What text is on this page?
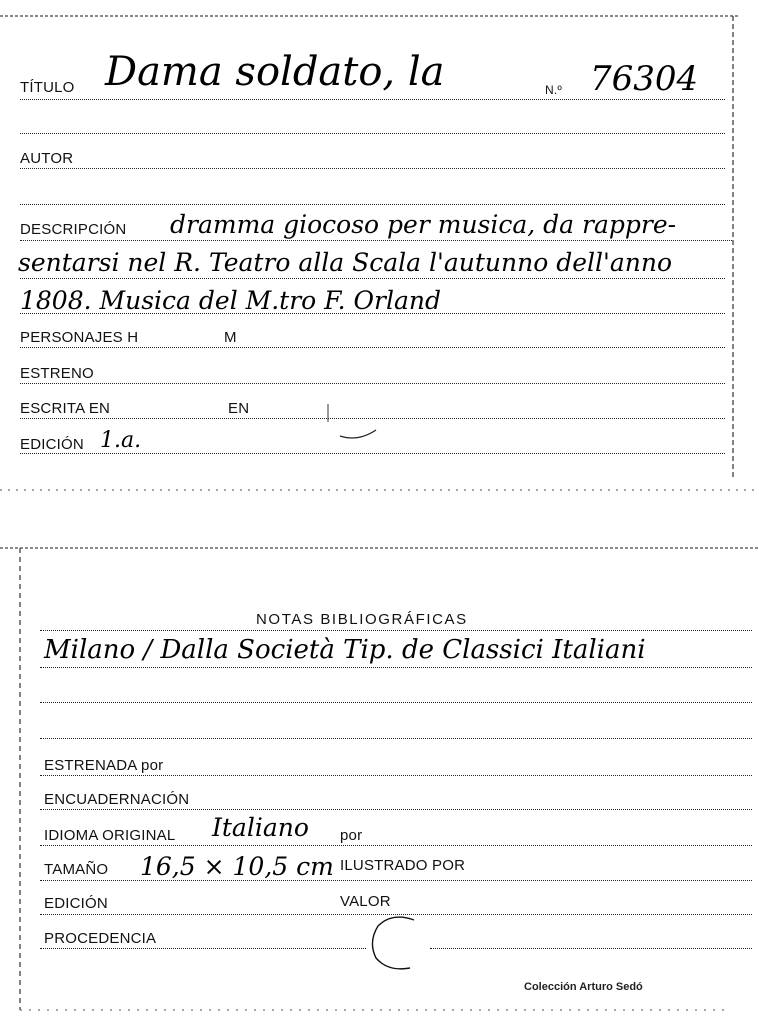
TÍTULO Dama soldato, la	N.º 76304
AUTOR
DESCRIPCIÓN dramma giocoso per musica, da rappre-
sentarsi nel R. Teatro alla Scala l'autunno dell'anno
1808. Musica del M.tro F. Orland
PERSONAJES H	M
ESTRENO
ESCRITA EN	EN
EDICIÓN 1.a.
NOTAS BIBLIOGRÁFICAS
Milano / Dalla Società Tip. de Classici Italiani
ESTRENADA por
ENCUADERNACIÓN
IDIOMA ORIGINAL Italiano por
TAMAÑO 16,5 × 10,5 cm ILUSTRADO POR
EDICIÓN	VALOR
PROCEDENCIA
Colección Arturo Sedó
